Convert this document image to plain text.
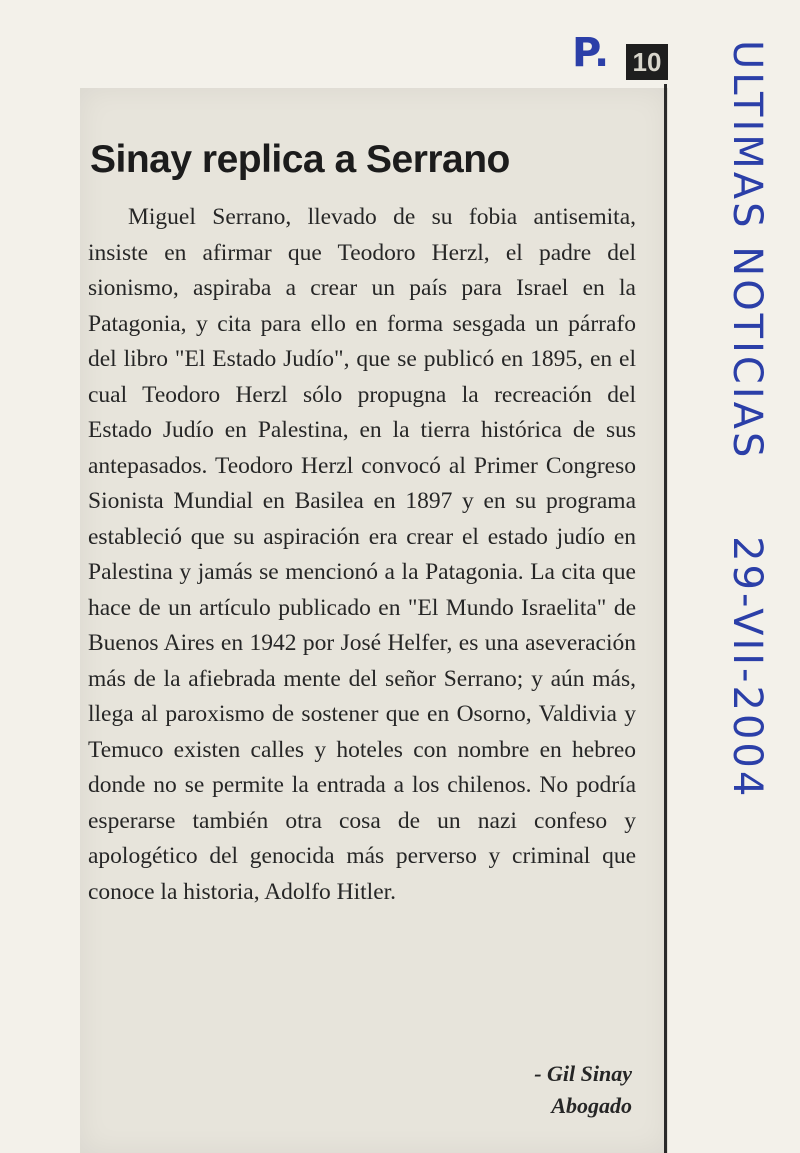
P. 10 ULTIMAS NOTICIAS 29-VII-2004
Sinay replica a Serrano

Miguel Serrano, llevado de su fobia antisemita, insiste en afirmar que Teodoro Herzl, el padre del sionismo, aspiraba a crear un país para Israel en la Patagonia, y cita para ello en forma sesgada un párrafo del libro "El Estado Judío", que se publicó en 1895, en el cual Teodoro Herzl sólo propugna la recreación del Estado Judío en Palestina, en la tierra histórica de sus antepasados. Teodoro Herzl convocó al Primer Congreso Sionista Mundial en Basilea en 1897 y en su programa estableció que su aspiración era crear el estado judío en Palestina y jamás se mencionó a la Patagonia. La cita que hace de un artículo publicado en "El Mundo Israelita" de Buenos Aires en 1942 por José Helfer, es una aseveración más de la afiebrada mente del señor Serrano; y aún más, llega al paroxismo de sostener que en Osorno, Valdivia y Temuco existen calles y hoteles con nombre en hebreo donde no se permite la entrada a los chilenos. No podría esperarse también otra cosa de un nazi confeso y apologético del genocida más perverso y criminal que conoce la historia, Adolfo Hitler.

- Gil Sinay
Abogado
